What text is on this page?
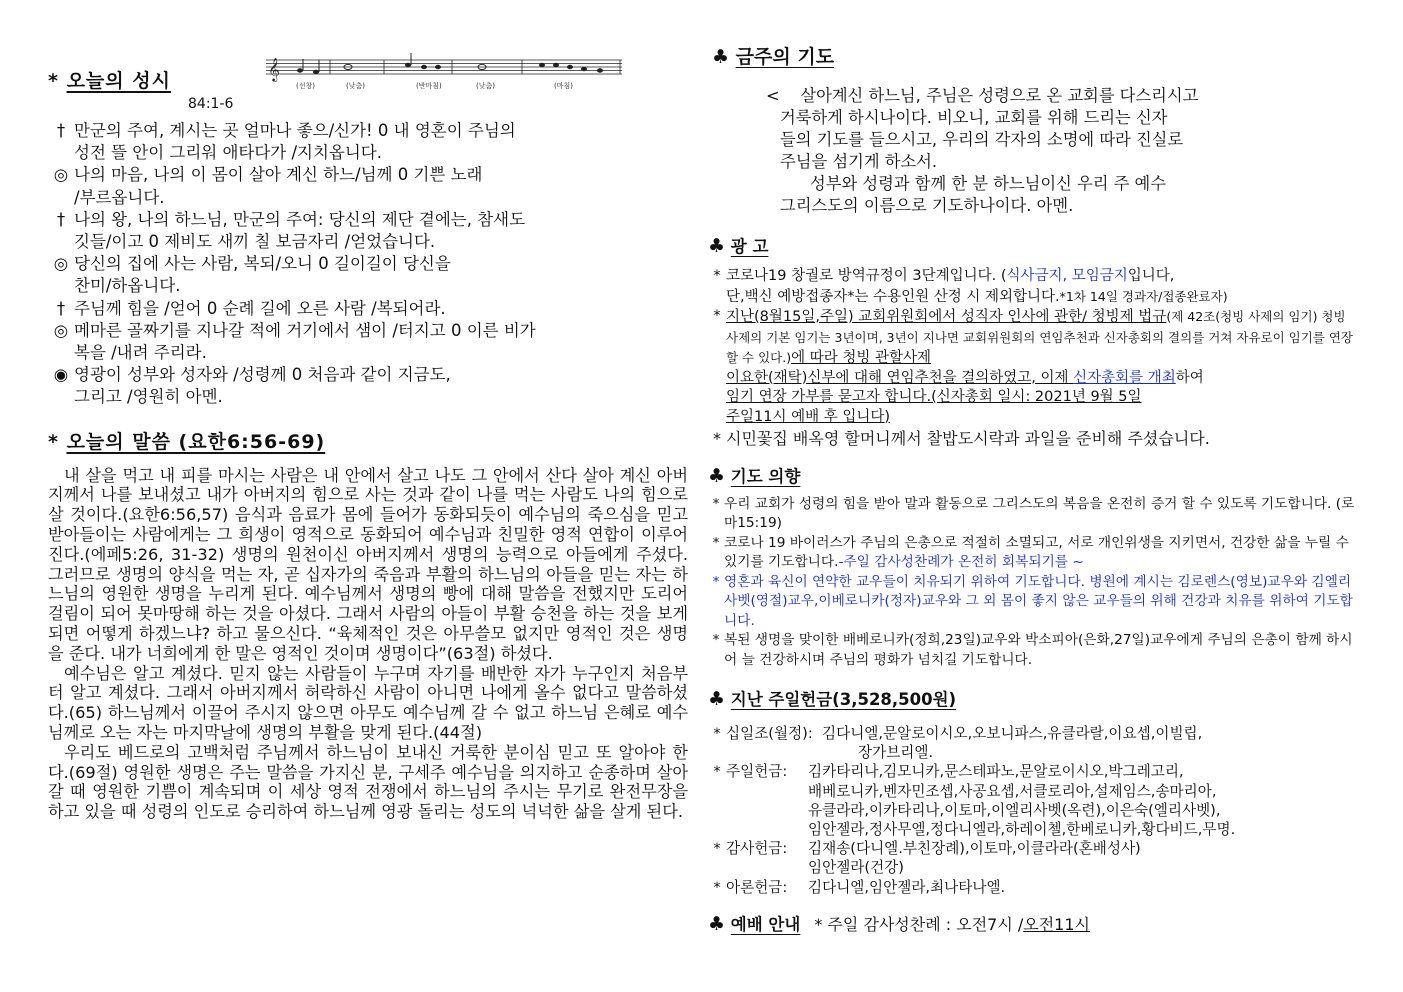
* 오늘의 성시	𝄞
(선창)	(낮춤)	(반마침)	(낮춤)	(마침)
84:1-6
† 만군의 주여, 계시는 곳 얼마나 좋으/신가! 0 내 영혼이 주님의
성전 뜰 안이 그리워 애타다가 /지치옵니다.
◎ 나의 마음, 나의 이 몸이 살아 계신 하느/님께 0 기쁜 노래
/부르옵니다.
† 나의 왕, 나의 하느님, 만군의 주여: 당신의 제단 곁에는, 참새도
깃들/이고 0 제비도 새끼 칠 보금자리 /얻었습니다.
◎ 당신의 집에 사는 사람, 복되/오니 0 길이길이 당신을
찬미/하옵니다.
† 주님께 힘을 /얻어 0 순례 길에 오른 사람 /복되어라.
◎ 메마른 골짜기를 지나갈 적에 거기에서 샘이 /터지고 0 이른 비가
복을 /내려 주리라.
◉ 영광이 성부와 성자와 /성령께 0 처음과 같이 지금도,
그리고 /영원히 아멘.
* 오늘의 말씀 (요한6:56-69)

내 살을 먹고 내 피를 마시는 사람은 내 안에서 살고 나도 그 안에서 산다 살아 계신 아버지께서 나를 보내셨고 내가 아버지의 힘으로 사는 것과 같이 나를 먹는 사람도 나의 힘으로 살 것이다.(요한6:56,57) 음식과 음료가 몸에 들어가 동화되듯이 예수님의 죽으심을 믿고 받아들이는 사람에게는 그 희생이 영적으로 동화되어 예수님과 친밀한 영적 연합이 이루어진다.(에페5:26, 31-32) 생명의 원천이신 아버지께서 생명의 능력으로 아들에게 주셨다. 그러므로 생명의 양식을 먹는 자, 곧 십자가의 죽음과 부활의 하느님의 아들을 믿는 자는 하느님의 영원한 생명을 누리게 된다. 예수님께서 생명의 빵에 대해 말씀을 전했지만 도리어 걸림이 되어 못마땅해 하는 것을 아셨다. 그래서 사람의 아들이 부활 승천을 하는 것을 보게 되면 어떻게 하겠느냐? 하고 물으신다. “육체적인 것은 아무쓸모 없지만 영적인 것은 생명을 준다. 내가 너희에게 한 말은 영적인 것이며 생명이다”(63절) 하셨다.

예수님은 알고 계셨다. 믿지 않는 사람들이 누구며 자기를 배반한 자가 누구인지 처음부터 알고 계셨다. 그래서 아버지께서 허락하신 사람이 아니면 나에게 올수 없다고 말씀하셨다.(65) 하느님께서 이끌어 주시지 않으면 아무도 예수님께 갈 수 없고 하느님 은혜로 예수님께로 오는 자는 마지막날에 생명의 부활을 맞게 된다.(44절)

우리도 베드로의 고백처럼 주님께서 하느님이 보내신 거룩한 분이심 믿고 또 알아야 한다.(69절) 영원한 생명은 주는 말씀을 가지신 분, 구세주 예수님을 의지하고 순종하며 살아 갈 때 영원한 기쁨이 계속되며 이 세상 영적 전쟁에서 하느님의 주시는 무기로 완전무장을 하고 있을 때 성령의 인도로 승리하여 하느님께 영광 돌리는 성도의 넉넉한 삶을 살게 된다.

♣ 금주의 기도
< 살아계신 하느님, 주님은 성령으로 온 교회를 다스리시고
거룩하게 하시나이다. 비오니, 교회를 위해 드리는 신자
들의 기도를 들으시고, 우리의 각자의 소명에 따라 진실로
주님을 섬기게 하소서.
성부와 성령과 함께 한 분 하느님이신 우리 주 예수
그리스도의 이름으로 기도하나이다. 아멘.
♣ 광 고
* 코로나19 창궐로 방역규정이 3단계입니다. (식사금지, 모임금지입니다,
단,백신 예방접종자*는 수용인원 산정 시 제외합니다.*1차 14일 경과자/접종완료자)
* 지난(8월15일,주일) 교회위원회에서 성직자 인사에 관한/ 청빙제 법규(제 42조(청빙 사제의 임기) 청빙 사제의 기본 임기는 3년이며, 3년이 지나면 교회위원회의 연임추천과 신자총회의 결의를 거쳐 자유로이 임기를 연장할 수 있다.)에 따라 청빙 관할사제
이요한(재탁)신부에 대해 연임추천을 결의하였고, 이제 신자총회를 개최하여
임기 연장 가부를 묻고자 합니다.(신자총회 일시: 2021년 9월 5일
주일11시 예배 후 입니다)
* 시민꽃집 배옥영 할머니께서 찰밥도시락과 과일을 준비해 주셨습니다.
♣ 기도 의향
* 우리 교회가 성령의 힘을 받아 말과 활동으로 그리스도의 복음을 온전히 증거 할 수 있도록 기도합니다. (로마15:19)
* 코로나 19 바이러스가 주님의 은총으로 적절히 소멸되고, 서로 개인위생을 지키면서, 건강한 삶을 누릴 수 있기를 기도합니다.-주일 감사성찬례가 온전히 회복되기를 ~
* 영혼과 육신이 연약한 교우들이 치유되기 위하여 기도합니다. 병원에 계시는 김로렌스(영보)교우와 김엘리사벳(영절)교우,이베로니카(정자)교우와 그 외 몸이 좋지 않은 교우들의 위해 건강과 치유를 위하여 기도합니다.
* 복된 생명을 맞이한 배베로니카(정희,23일)교우와 박소피아(은화,27일)교우에게 주님의 은총이 함께 하시어 늘 건강하시며 주님의 평화가 넘치길 기도합니다.
♣ 지난 주일헌금(3,528,500원)
* 십일조(월정): 김다니엘,문알로이시오,오보니파스,유클라랄,이요셉,이빌립,
장가브리엘.
* 주일헌금:	김카타리나,김모니카,문스테파노,문알로이시오,박그레고리,
배베로니카,벤자민조셉,사공요셉,서클로리아,설제임스,송마리아,
유클라라,이카타리나,이토마,이엘리사벳(옥련),이은숙(엘리사벳),
임안젤라,정사무엘,정다니엘라,하레이첼,한베로니카,황다비드,무명.
* 감사헌금:	김재송(다니엘.부친장례),이토마,이클라라(혼배성사)
임안젤라(건강)
* 아론헌금:	김다니엘,임안젤라,최나타나엘.
♣ 예배 안내 * 주일 감사성찬례 : 오전7시 / 오전11시
